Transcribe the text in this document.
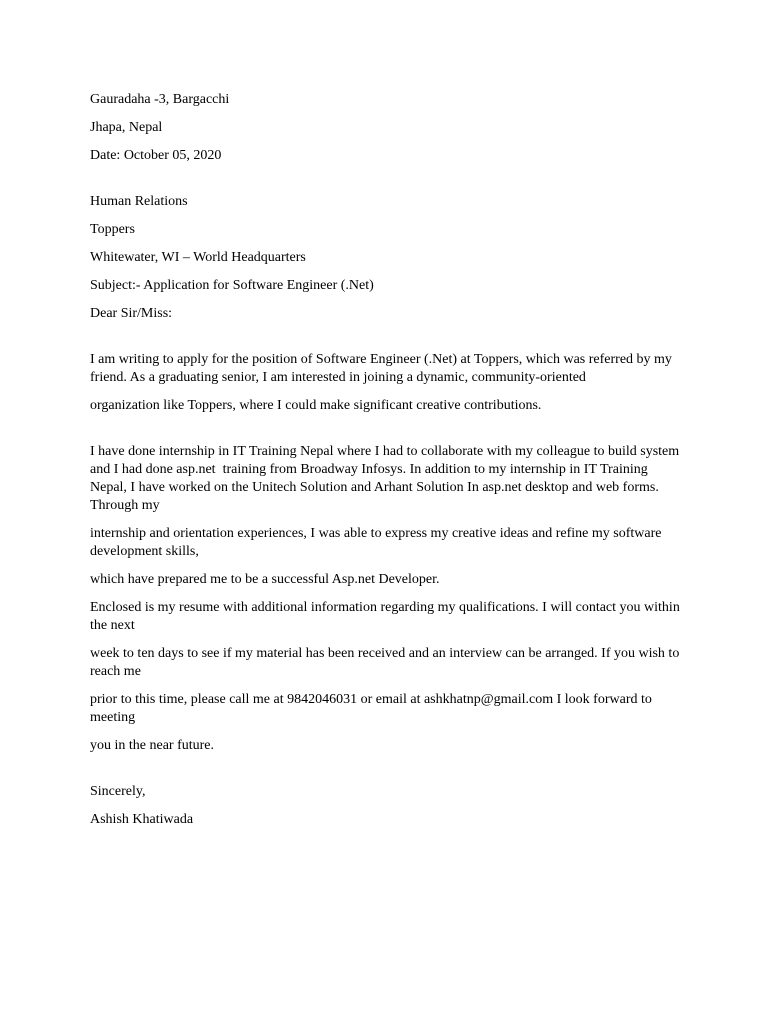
Gauradaha -3, Bargacchi
Jhapa, Nepal
Date: October 05, 2020
Human Relations
Toppers
Whitewater, WI – World Headquarters
Subject:- Application for Software Engineer (.Net)
Dear Sir/Miss:
I am writing to apply for the position of Software Engineer (.Net) at Toppers, which was referred by my friend. As a graduating senior, I am interested in joining a dynamic, community-oriented
organization like Toppers, where I could make significant creative contributions.
I have done internship in IT Training Nepal where I had to collaborate with my colleague to build system and I had done asp.net  training from Broadway Infosys. In addition to my internship in IT Training Nepal, I have worked on the Unitech Solution and Arhant Solution In asp.net desktop and web forms. Through my
internship and orientation experiences, I was able to express my creative ideas and refine my software development skills,
which have prepared me to be a successful Asp.net Developer.
Enclosed is my resume with additional information regarding my qualifications. I will contact you within the next
week to ten days to see if my material has been received and an interview can be arranged. If you wish to reach me
prior to this time, please call me at 9842046031 or email at ashkhatnp@gmail.com I look forward to meeting
you in the near future.
Sincerely,
Ashish Khatiwada
